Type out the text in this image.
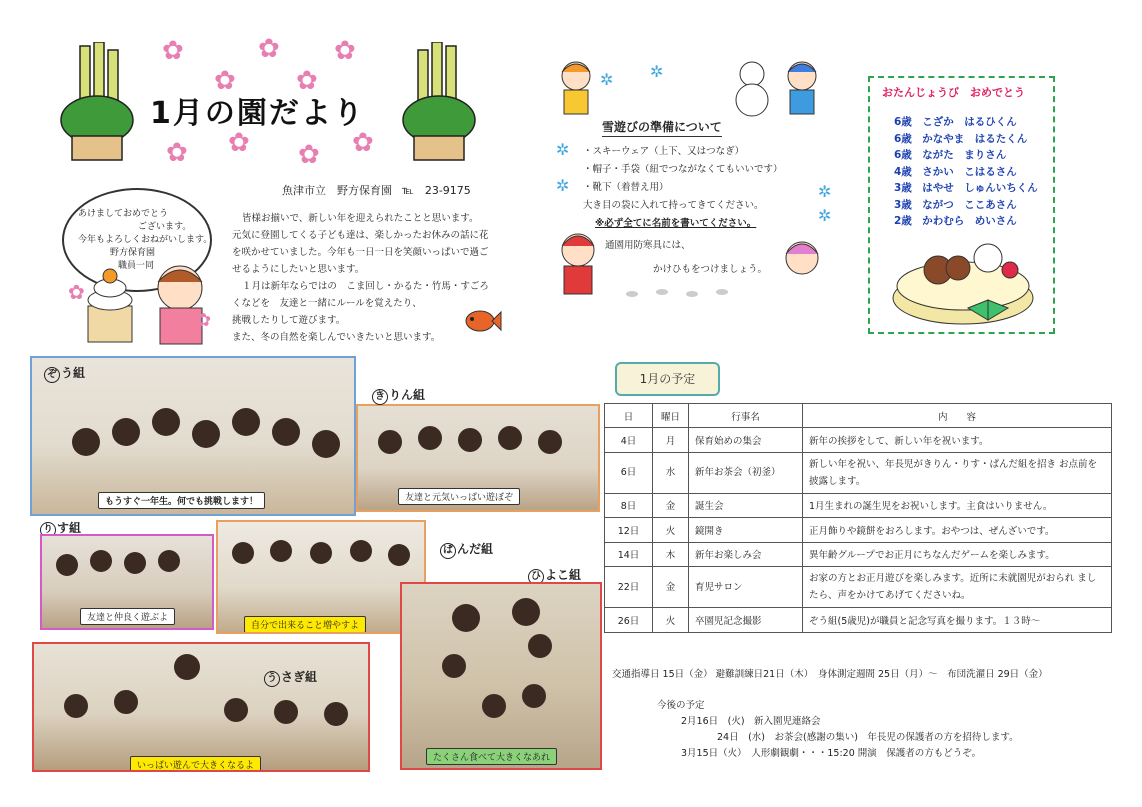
✿	✿ ✿
✿ ✿
✿ ✿ ✿ ✿
1月の園だより
魚津市立　野方保育園 ℡　 23-9175
あけましておめでとう
ございます。
今年もよろしくおねがいします。
野方保育園
職員一同
✿
✿

皆様お揃いで、新しい年を迎えられたことと思います。

元気に登園してくる子ども達は、楽しかったお休みの話に花

を咲かせていました。今年も一日一日を笑顔いっぱいで過ご

せるようにしたいと思います。

１月は新年ならではの　こま回し・かるた・竹馬・すごろ

くなどを　友達と一緒にルールを覚えたり、

挑戦したりして遊びます。

また、冬の自然を楽しんでいきたいと思います。

✲ ✲
✲
✲	✲
✲
雪遊びの準備について
・スキーウェア（上下、又はつなぎ）
・帽子・手袋（紐でつながなくてもいいです）
・靴下（着替え用）
大き目の袋に入れて持ってきてください。
※必ず全てに名前を書いてください。
通園用防寒具には、
かけひもをつけましょう。
おたんじょうび　おめでとう
6歳　こざか　はるひくん
6歳　かなやま　はるたくん
6歳　ながた　まりさん
4歳　さかい　こはるさん
3歳　はやせ　しゅんいちくん
3歳　ながつ　ここあさん
2歳　かわむら　めいさん
1月の予定
日	曜日	行事名	内　　容
4日	月	保育始めの集会	新年の挨拶をして、新しい年を祝います。
6日	水	新年お茶会（初釜）	新しい年を祝い、年長児がきりん・りす・ぱんだ組を招き お点前を披露します。
8日	金	誕生会	1月生まれの誕生児をお祝いします。主食はいりません。
12日	火	鏡開き	正月飾りや鏡餅をおろします。おやつは、ぜんざいです。
14日	木	新年お楽しみ会	異年齢グループでお正月にちなんだゲームを楽しみます。
22日	金	育児サロン	お家の方とお正月遊びを楽しみます。近所に未就園児がおられ ましたら、声をかけてあげてくださいね。
26日	火	卒園児記念撮影	ぞう組(5歳児)が職員と記念写真を撮ります。１３時～
交通指導日 15日（金） 避難訓練日21日（木）　身体測定週間 25日（月）～　布団洗濯日 29日（金）
今後の予定
2月16日　(火)　新入園児連絡会
24日　(水)　お茶会(感謝の集い)　年長児の保護者の方を招待します。
3月15日（火）　人形劇観劇・・・15:20 開演　保護者の方もどうぞ。
ぞ う組
もうすぐ一年生。何でも挑戦します！	友達と元気いっぱい遊ぼぞ
き りん組
り す組
友達と仲良く遊ぶよ
自分で出来ること増やすよ
ぱ んだ組
ひ よこ組
たくさん食べて大きくなあれ
う さぎ組
いっぱい遊んで大きくなるよ
